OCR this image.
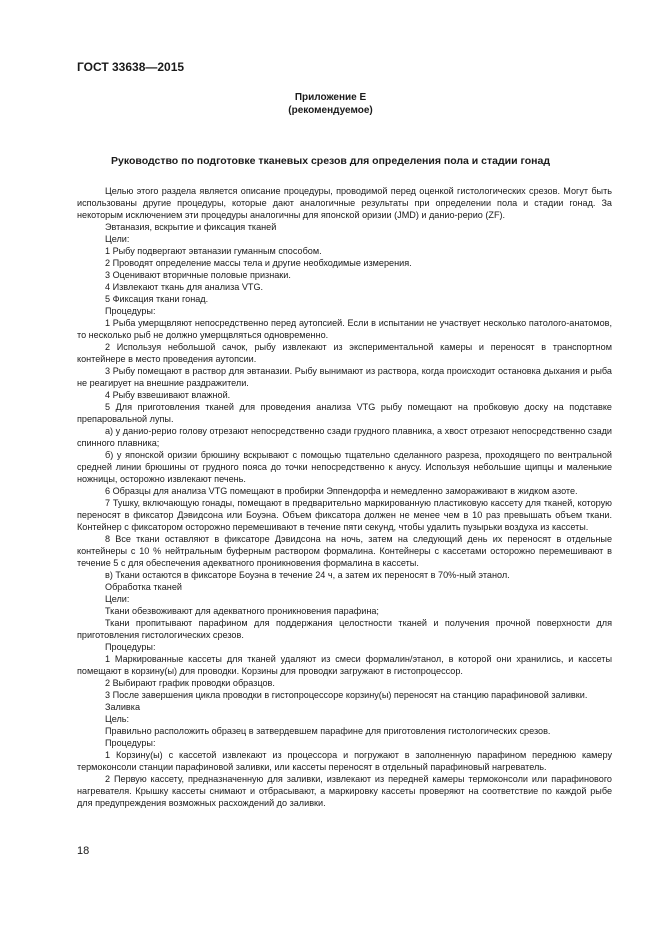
ГОСТ 33638—2015
Приложение Е
(рекомендуемое)
Руководство по подготовке тканевых срезов для определения пола и стадии гонад

Целью этого раздела является описание процедуры, проводимой перед оценкой гистологических срезов. Могут быть использованы другие процедуры, которые дают аналогичные результаты при определении пола и стадии гонад. За некоторым исключением эти процедуры аналогичны для японской оризии (JMD) и данио-рерио (ZF).

Эвтаназия, вскрытие и фиксация тканей

Цели:

1 Рыбу подвергают эвтаназии гуманным способом.

2 Проводят определение массы тела и другие необходимые измерения.

3 Оценивают вторичные половые признаки.

4 Извлекают ткань для анализа VTG.

5 Фиксация ткани гонад.

Процедуры:

1 Рыба умерщвляют непосредственно перед аутопсией. Если в испытании не участвует несколько патолого-анатомов, то несколько рыб не должно умерщвляться одновременно.

2 Используя небольшой сачок, рыбу извлекают из экспериментальной камеры и переносят в транспортном контейнере в место проведения аутопсии.

3 Рыбу помещают в раствор для эвтаназии. Рыбу вынимают из раствора, когда происходит остановка дыхания и рыба не реагирует на внешние раздражители.

4 Рыбу взвешивают влажной.

5 Для приготовления тканей для проведения анализа VTG рыбу помещают на пробковую доску на подставке препаровальной лупы.

а) у данио-рерио голову отрезают непосредственно сзади грудного плавника, а хвост отрезают непосредственно сзади спинного плавника;

б) у японской оризии брюшину вскрывают с помощью тщательно сделанного разреза, проходящего по вентральной средней линии брюшины от грудного пояса до точки непосредственно к анусу. Используя небольшие щипцы и маленькие ножницы, осторожно извлекают печень.

6 Образцы для анализа VTG помещают в пробирки Эппендорфа и немедленно замораживают в жидком азоте.

7 Тушку, включающую гонады, помещают в предварительно маркированную пластиковую кассету для тканей, которую переносят в фиксатор Дэвидсона или Боуэна. Объем фиксатора должен не менее чем в 10 раз превышать объем ткани. Контейнер с фиксатором осторожно перемешивают в течение пяти секунд, чтобы удалить пузырьки воздуха из кассеты.

8 Все ткани оставляют в фиксаторе Дэвидсона на ночь, затем на следующий день их переносят в отдельные контейнеры с 10 % нейтральным буферным раствором формалина. Контейнеры с кассетами осторожно перемешивают в течение 5 с для обеспечения адекватного проникновения формалина в кассеты.

в) Ткани остаются в фиксаторе Боуэна в течение 24 ч, а затем их переносят в 70%-ный этанол.

Обработка тканей

Цели:

Ткани обезвоживают для адекватного проникновения парафина;

Ткани пропитывают парафином для поддержания целостности тканей и получения прочной поверхности для приготовления гистологических срезов.

Процедуры:

1 Маркированные кассеты для тканей удаляют из смеси формалин/этанол, в которой они хранились, и кассеты помещают в корзину(ы) для проводки. Корзины для проводки загружают в гистопроцессор.

2 Выбирают график проводки образцов.

3 После завершения цикла проводки в гистопроцессоре корзину(ы) переносят на станцию парафиновой заливки.

Заливка

Цель:

Правильно расположить образец в затвердевшем парафине для приготовления гистологических срезов.

Процедуры:

1 Корзину(ы) с кассетой извлекают из процессора и погружают в заполненную парафином переднюю камеру термоконсоли станции парафиновой заливки, или кассеты переносят в отдельный парафиновый нагреватель.

2 Первую кассету, предназначенную для заливки, извлекают из передней камеры термоконсоли или парафинового нагревателя. Крышку кассеты снимают и отбрасывают, а маркировку кассеты проверяют на соответствие по каждой рыбе для предупреждения возможных расхождений до заливки.

18
